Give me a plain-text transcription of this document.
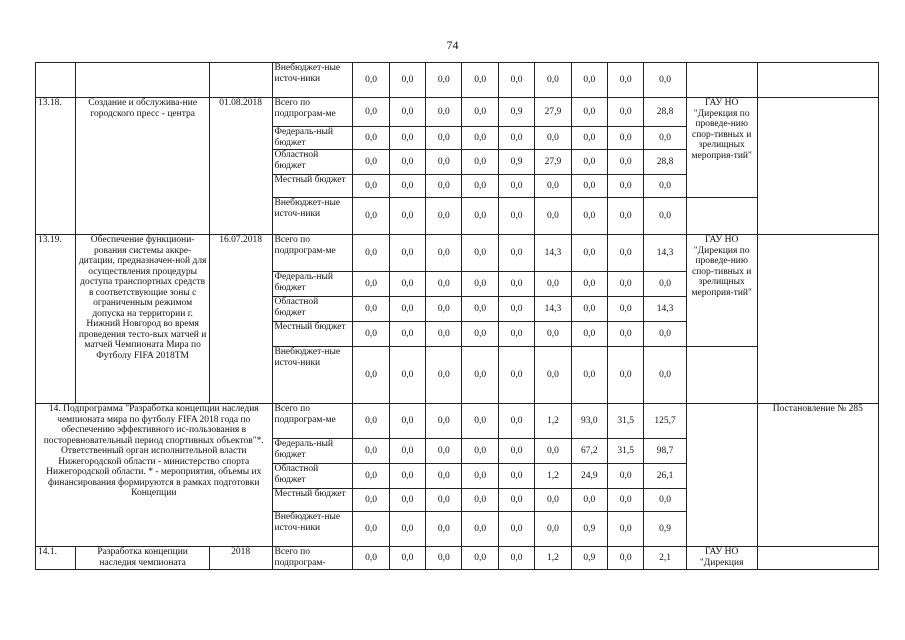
74
			Внебюджет-ные источ-ники	0,0	0,0	0,0	0,0	0,0	0,0	0,0	0,0	0,0		
13.18.	Создание и обслужива-ние городского пресс - центра	01.08.2018	Всего по подпрограм-ме	0,0	0,0	0,0	0,0	0,9	27,9	0,0	0,0	28,8	ГАУ НО "Дирекция по проведе-нию спор-тивных и зрелищных мероприя-тий"	
			Федераль-ный бюджет	0,0	0,0	0,0	0,0	0,0	0,0	0,0	0,0	0,0		
			Областной бюджет	0,0	0,0	0,0	0,0	0,9	27,9	0,0	0,0	28,8		
			Местный бюджет	0,0	0,0	0,0	0,0	0,0	0,0	0,0	0,0	0,0		
			Внебюджет-ные источ-ники	0,0	0,0	0,0	0,0	0,0	0,0	0,0	0,0	0,0		
13.19.	Обеспечение функциони-рования системы аккре-дитации, предназначен-ной для осуществления процедуры доступа транспортных средств в соответствующие зоны с ограниченным режимом допуска на территории г. Нижний Новгород во время проведения тесто-вых матчей и матчей Чемпионата Мира по Футболу FIFA 2018TM	16.07.2018	Всего по подпрограм-ме	0,0	0,0	0,0	0,0	0,0	14,3	0,0	0,0	14,3	ГАУ НО "Дирекция по проведе-нию спор-тивных и зрелищных мероприя-тий"	
			Федераль-ный бюджет	0,0	0,0	0,0	0,0	0,0	0,0	0,0	0,0	0,0		
			Областной бюджет	0,0	0,0	0,0	0,0	0,0	14,3	0,0	0,0	14,3		
			Местный бюджет	0,0	0,0	0,0	0,0	0,0	0,0	0,0	0,0	0,0		
			Внебюджет-ные источ-ники	0,0	0,0	0,0	0,0	0,0	0,0	0,0	0,0	0,0		
14. Подпрограмма "Разработка концепции наследия чемпионата мира по футболу FIFA 2018 года по обеспечению эффективного ис-пользования в посторевновательный период спортивных объектов"*. Ответственный орган исполнительной власти Нижегородской области - министерство спорта Нижегородской области. * - мероприятия, объемы их финансирования формируются в рамках подготовки Концепции			Всего по подпрограм-ме	0,0	0,0	0,0	0,0	0,0	1,2	93,0	31,5	125,7		Постановление № 285
			Федераль-ный бюджет	0,0	0,0	0,0	0,0	0,0	0,0	67,2	31,5	98,7		
			Областной бюджет	0,0	0,0	0,0	0,0	0,0	1,2	24,9	0,0	26,1		
			Местный бюджет	0,0	0,0	0,0	0,0	0,0	0,0	0,0	0,0	0,0		
			Внебюджет-ные источ-ники	0,0	0,0	0,0	0,0	0,0	0,0	0,9	0,0	0,9		
14.1.	Разработка концепции наследия чемпионата	2018	Всего по подпрограм-	0,0	0,0	0,0	0,0	0,0	1,2	0,9	0,0	2,1	ГАУ НО "Дирекция	
